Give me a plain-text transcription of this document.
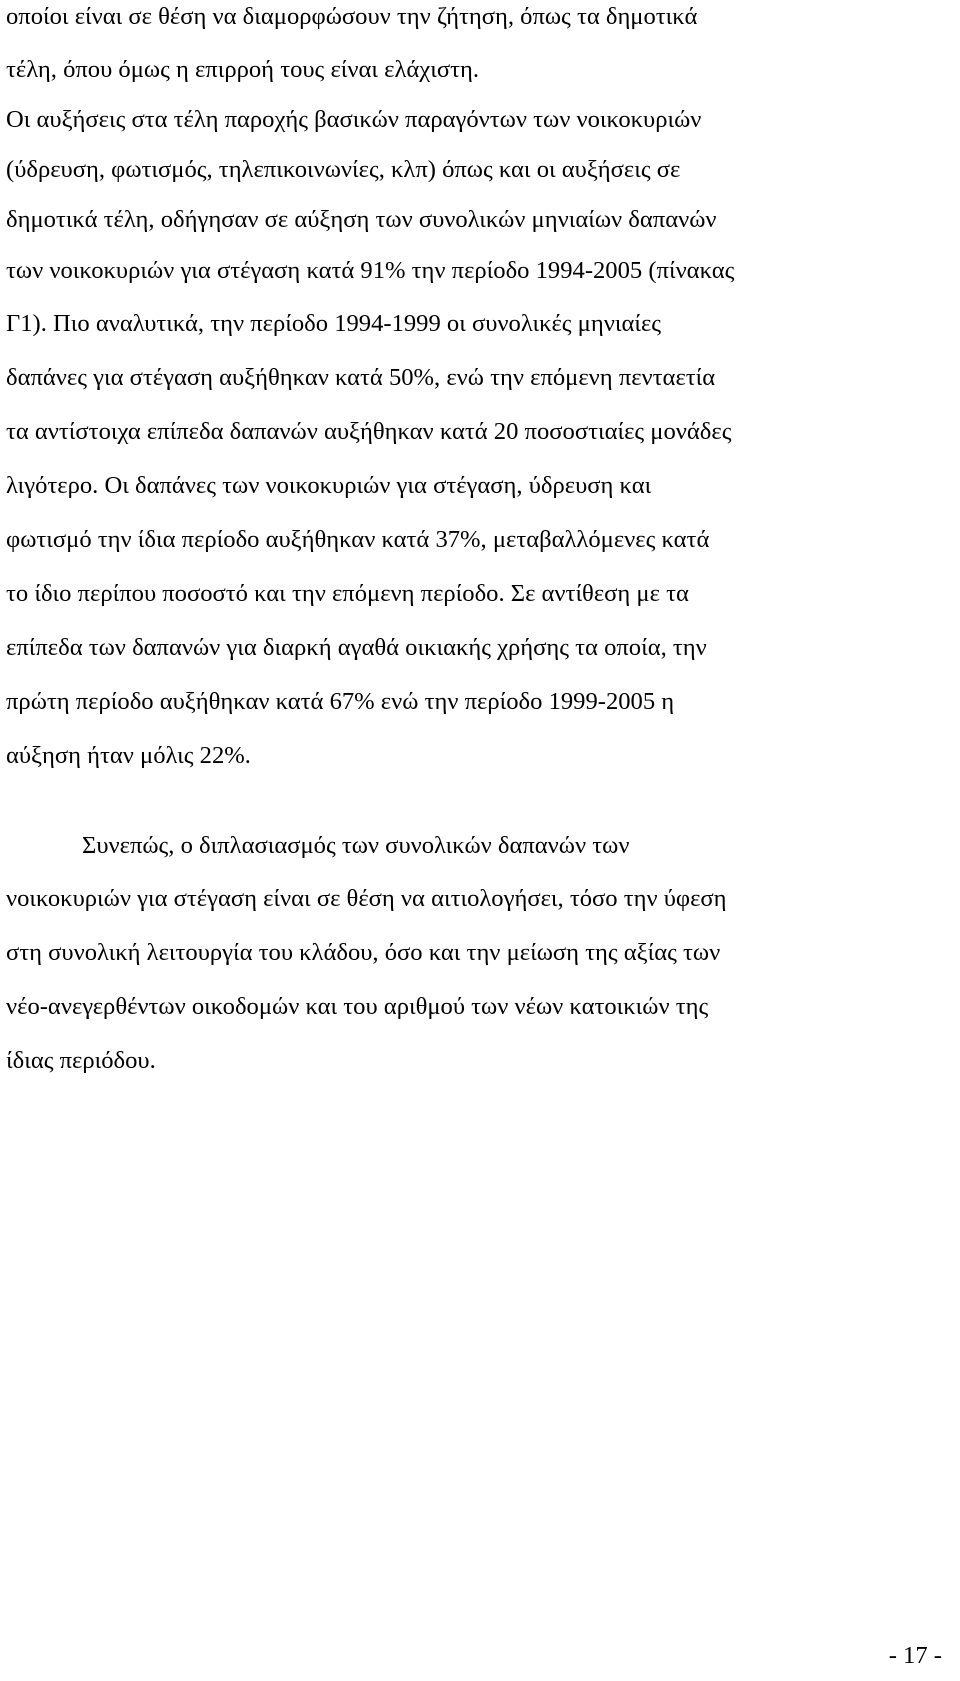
οποίοι είναι σε θέση να διαμορφώσουν την ζήτηση, όπως τα δημοτικά
τέλη, όπου όμως η επιρροή τους είναι ελάχιστη.
Οι αυξήσεις στα τέλη παροχής βασικών παραγόντων των νοικοκυριών
(ύδρευση, φωτισμός, τηλεπικοινωνίες, κλπ) όπως και οι αυξήσεις σε
δημοτικά τέλη, οδήγησαν σε αύξηση των συνολικών μηνιαίων δαπανών
των νοικοκυριών για στέγαση κατά 91% την περίοδο 1994-2005 (πίνακας
Γ1). Πιο αναλυτικά, την περίοδο 1994-1999 οι συνολικές μηνιαίες
δαπάνες για στέγαση αυξήθηκαν κατά 50%, ενώ την επόμενη πενταετία
τα αντίστοιχα επίπεδα δαπανών αυξήθηκαν κατά 20 ποσοστιαίες μονάδες
λιγότερο. Οι δαπάνες των νοικοκυριών για στέγαση, ύδρευση και
φωτισμό την ίδια περίοδο αυξήθηκαν κατά 37%, μεταβαλλόμενες κατά
το ίδιο περίπου ποσοστό και την επόμενη περίοδο. Σε αντίθεση με τα
επίπεδα των δαπανών για διαρκή αγαθά οικιακής χρήσης τα οποία, την
πρώτη περίοδο αυξήθηκαν κατά 67% ενώ την περίοδο 1999-2005 η
αύξηση ήταν μόλις 22%.
Συνεπώς, ο διπλασιασμός των συνολικών δαπανών των
νοικοκυριών για στέγαση είναι σε θέση να αιτιολογήσει, τόσο την ύφεση
στη συνολική λειτουργία του κλάδου, όσο και την μείωση της αξίας των
νέο-ανεγερθέντων οικοδομών και του αριθμού των νέων κατοικιών της
ίδιας περιόδου.
- 17 -
